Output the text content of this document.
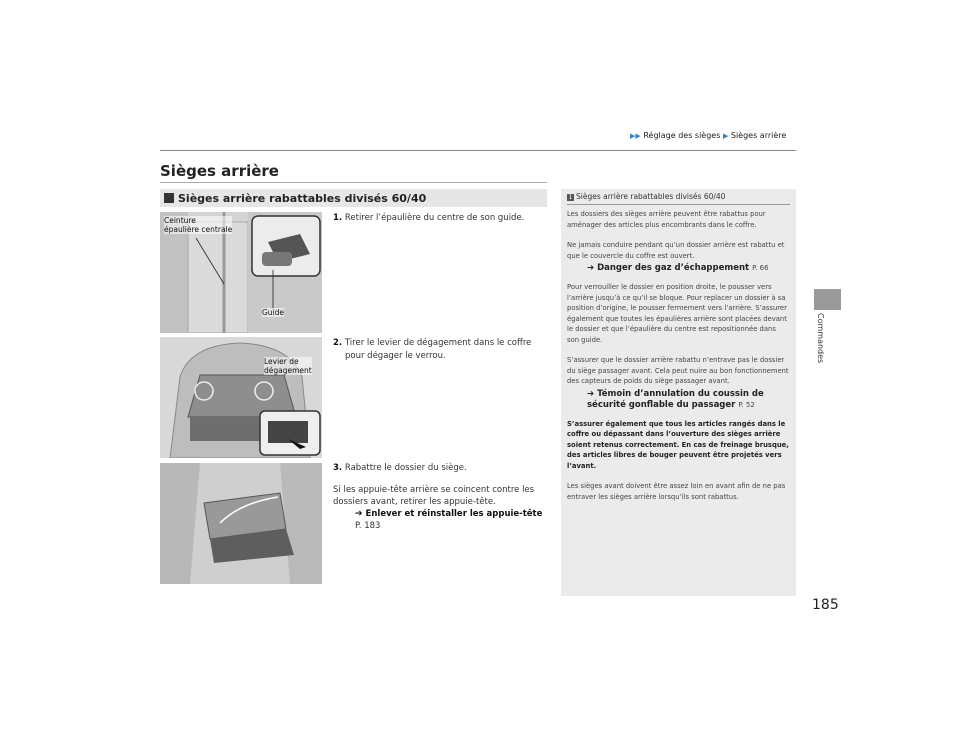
▶▶ Réglage des sièges ▶ Sièges arrière
Sièges arrière
Sièges arrière rabattables divisés 60/40
Ceinture
épaulière centrale
Guide
Levier de
dégagement
1. Retirer l’épaulière du centre de son guide.
2. Tirer le levier de dégagement dans le coffre pour dégager le verrou.
3. Rabattre le dossier du siège.
Si les appuie-tête arrière se coincent contre les dossiers avant, retirer les appuie-tête.
➔ Enlever et réinstaller les appuie-tête
P. 183
1 Sièges arrière rabattables divisés 60/40

Les dossiers des sièges arrière peuvent être rabattus pour aménager des articles plus encombrants dans le coffre.

Ne jamais conduire pendant qu’un dossier arrière est rabattu et que le couvercle du coffre est ouvert.

➔ Danger des gaz d’échappement P. 66

Pour verrouiller le dossier en position droite, le pousser vers l’arrière jusqu’à ce qu’il se bloque. Pour replacer un dossier à sa position d’origine, le pousser fermement vers l’arrière. S’assurer également que toutes les épaulières arrière sont placées devant le dossier et que l’épaulière du centre est repositionnée dans son guide.

S’assurer que le dossier arrière rabattu n’entrave pas le dossier du siège passager avant. Cela peut nuire au bon fonctionnement des capteurs de poids du siège passager avant.

➔ Témoin d’annulation du coussin de sécurité gonflable du passager P. 52

S’assurer également que tous les articles rangés dans le coffre ou dépassant dans l’ouverture des sièges arrière soient retenus correctement. En cas de freinage brusque, des articles libres de bouger peuvent être projetés vers l’avant.

Les sièges avant doivent être assez loin en avant afin de ne pas entraver les sièges arrière lorsqu’ils sont rabattus.

Commandes
185
